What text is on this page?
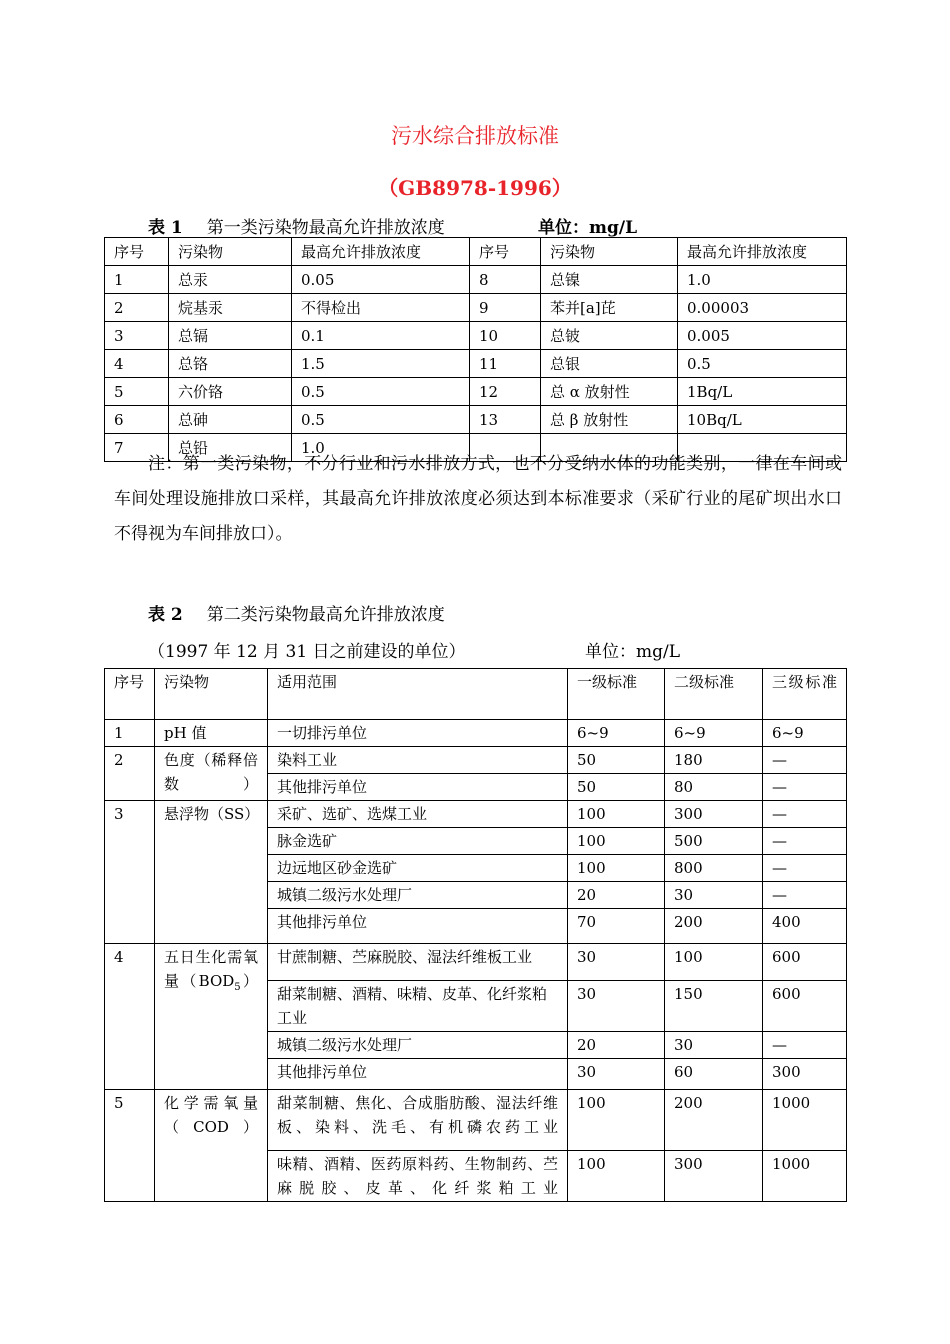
污水综合排放标准
（GB8978-1996）
表 1 第一类污染物最高允许排放浓度	单位：mg/L
序号	污染物	最高允许排放浓度	序号	污染物	最高允许排放浓度
1	总汞	0.05	8	总镍	1.0
2	烷基汞	不得检出	9	苯并[a]芘	0.00003
3	总镉	0.1	10	总铍	0.005
4	总铬	1.5	11	总银	0.5
5	六价铬	0.5	12	总 α 放射性	1Bq/L
6	总砷	0.5	13	总 β 放射性	10Bq/L
7	总铅	1.0			
注：第一类污染物，不分行业和污水排放方式，也不分受纳水体的功能类别，一律在车间或车间处理设施排放口采样，其最高允许排放浓度必须达到本标准要求（采矿行业的尾矿坝出水口不得视为车间排放口）。
表 2 第二类污染物最高允许排放浓度
（1997 年 12 月 31 日之前建设的单位）	单位：mg/L
序号	污染物	适用范围	一级标准	二级标准	三级标准
1	pH 值	一切排污单位	6~9	6~9	6~9
2	色度（稀释倍数）	染料工业	50	180	—
		其他排污单位	50	80	—
3	悬浮物（SS）	采矿、选矿、选煤工业	100	300	—
		脉金选矿	100	500	—
		边远地区砂金选矿	100	800	—
		城镇二级污水处理厂	20	30	—
		其他排污单位	70	200	400
4	五日生化需氧量$(BOD_5)$	甘蔗制糖、苎麻脱胶、湿法纤维板工业	30	100	600
		甜菜制糖、酒精、味精、皮革、化纤浆粕工业	30	150	600
		城镇二级污水处理厂	20	30	—
		其他排污单位	30	60	300
5	化学需氧量（COD）	甜菜制糖、焦化、合成脂肪酸、湿法纤维板、染料、洗毛、有机磷农药工业	100	200	1000
		味精、酒精、医药原料药、生物制药、苎麻脱胶、皮革、化纤浆粕工业	100	300	1000
